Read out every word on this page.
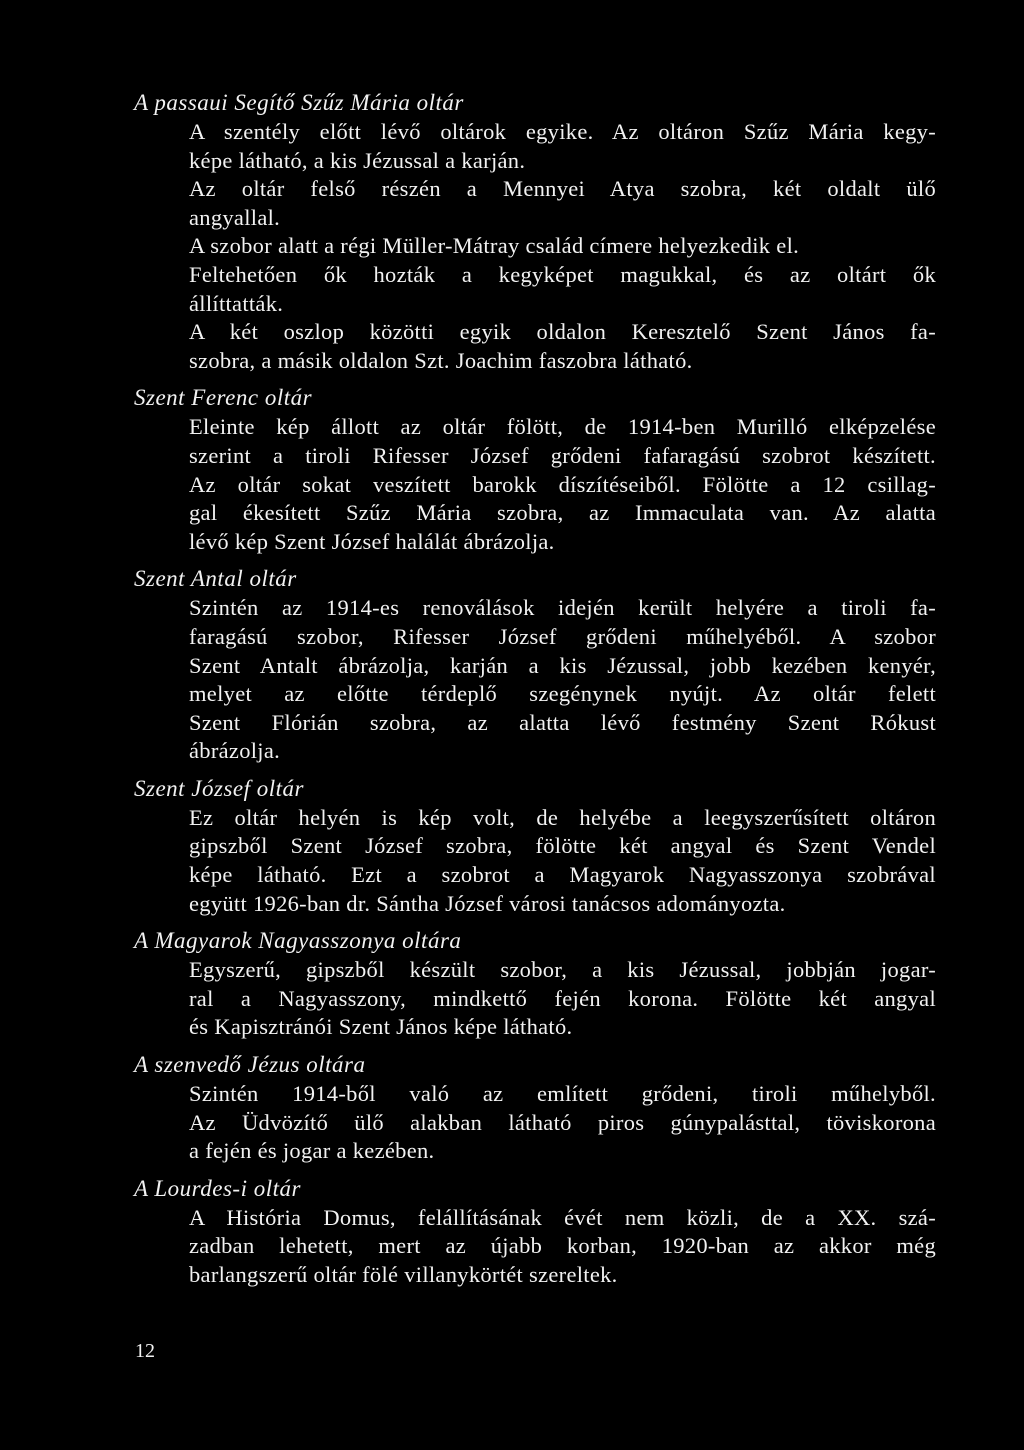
A passaui Segítő Szűz Mária oltár
A szentély előtt lévő oltárok egyike. Az oltáron Szűz Mária kegy-
képe látható, a kis Jézussal a karján.
Az oltár felső részén a Mennyei Atya szobra, két oldalt ülő
angyallal.
A szobor alatt a régi Müller-Mátray család címere helyezkedik el.
Feltehetően ők hozták a kegyképet magukkal, és az oltárt ők
állíttatták.
A két oszlop közötti egyik oldalon Keresztelő Szent János fa-
szobra, a másik oldalon Szt. Joachim faszobra látható.
Szent Ferenc oltár
Eleinte kép állott az oltár fölött, de 1914-ben Murilló elképzelése
szerint a tiroli Rifesser József grődeni fafaragású szobrot készített.
Az oltár sokat veszített barokk díszítéseiből. Fölötte a 12 csillag-
gal ékesített Szűz Mária szobra, az Immaculata van. Az alatta
lévő kép Szent József halálát ábrázolja.
Szent Antal oltár
Szintén az 1914-es renoválások idején került helyére a tiroli fa-
faragású szobor, Rifesser József grődeni műhelyéből. A szobor
Szent Antalt ábrázolja, karján a kis Jézussal, jobb kezében kenyér,
melyet az előtte térdeplő szegénynek nyújt. Az oltár felett
Szent Flórián szobra, az alatta lévő festmény Szent Rókust
ábrázolja.
Szent József oltár
Ez oltár helyén is kép volt, de helyébe a leegyszerűsített oltáron
gipszből Szent József szobra, fölötte két angyal és Szent Vendel
képe látható. Ezt a szobrot a Magyarok Nagyasszonya szobrával
együtt 1926-ban dr. Sántha József városi tanácsos adományozta.
A Magyarok Nagyasszonya oltára
Egyszerű, gipszből készült szobor, a kis Jézussal, jobbján jogar-
ral a Nagyasszony, mindkettő fején korona. Fölötte két angyal
és Kapisztránói Szent János képe látható.
A szenvedő Jézus oltára
Szintén 1914-ből való az említett grődeni, tiroli műhelyből.
Az Üdvözítő ülő alakban látható piros gúnypalásttal, töviskorona
a fején és jogar a kezében.
A Lourdes-i oltár
A História Domus, felállításának évét nem közli, de a XX. szá-
zadban lehetett, mert az újabb korban, 1920-ban az akkor még
barlangszerű oltár fölé villanykörtét szereltek.
12
